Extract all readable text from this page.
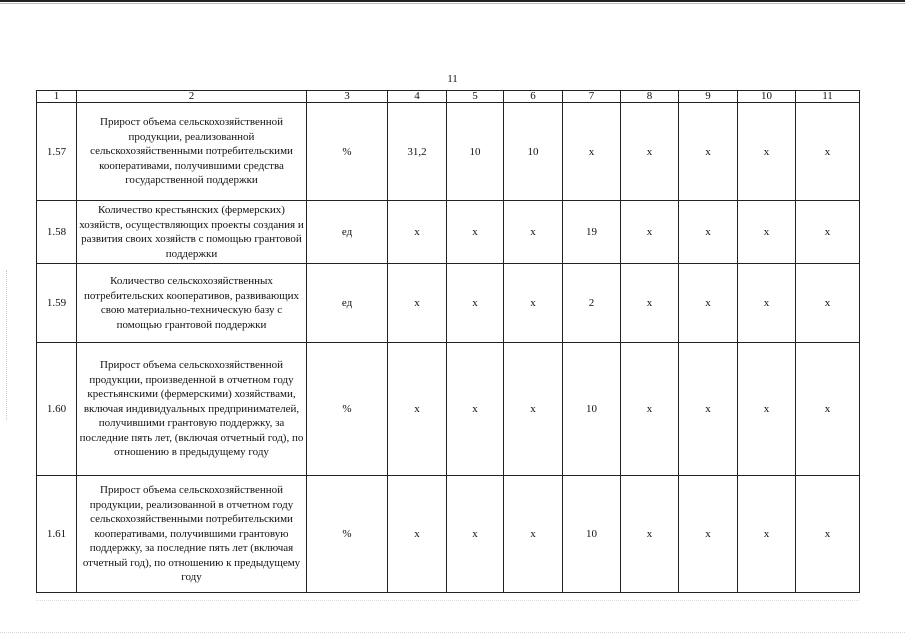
11
1	2	3	4	5	6	7	8	9	10	11
1.57	Прирост объема сельскохозяйственной продукции, реализованной сельскохозяйственными потребительскими кооперативами, получившими средства государственной поддержки	%	31,2	10	10	x	x	x	x	x
1.58	Количество крестьянских (фермерских) хозяйств, осуществляющих проекты создания и развития своих хозяйств с помощью грантовой поддержки	ед	x	x	x	19	x	x	x	x
1.59	Количество сельскохозяйственных потребительских кооперативов, развивающих свою материально-техническую базу с помощью грантовой поддержки	ед	x	x	x	2	x	x	x	x
1.60	Прирост объема сельскохозяйственной продукции, произведенной в отчетном году крестьянскими (фермерскими) хозяйствами, включая индивидуальных предпринимателей, получившими грантовую поддержку, за последние пять лет, (включая отчетный год), по отношению в предыдущему году	%	x	x	x	10	x	x	x	x
1.61	Прирост объема сельскохозяйственной продукции, реализованной в отчетном году сельскохозяйственными потребительскими кооперативами, получившими грантовую поддержку, за последние пять лет (включая отчетный год), по отношению к предыдущему году	%	x	x	x	10	x	x	x	x
